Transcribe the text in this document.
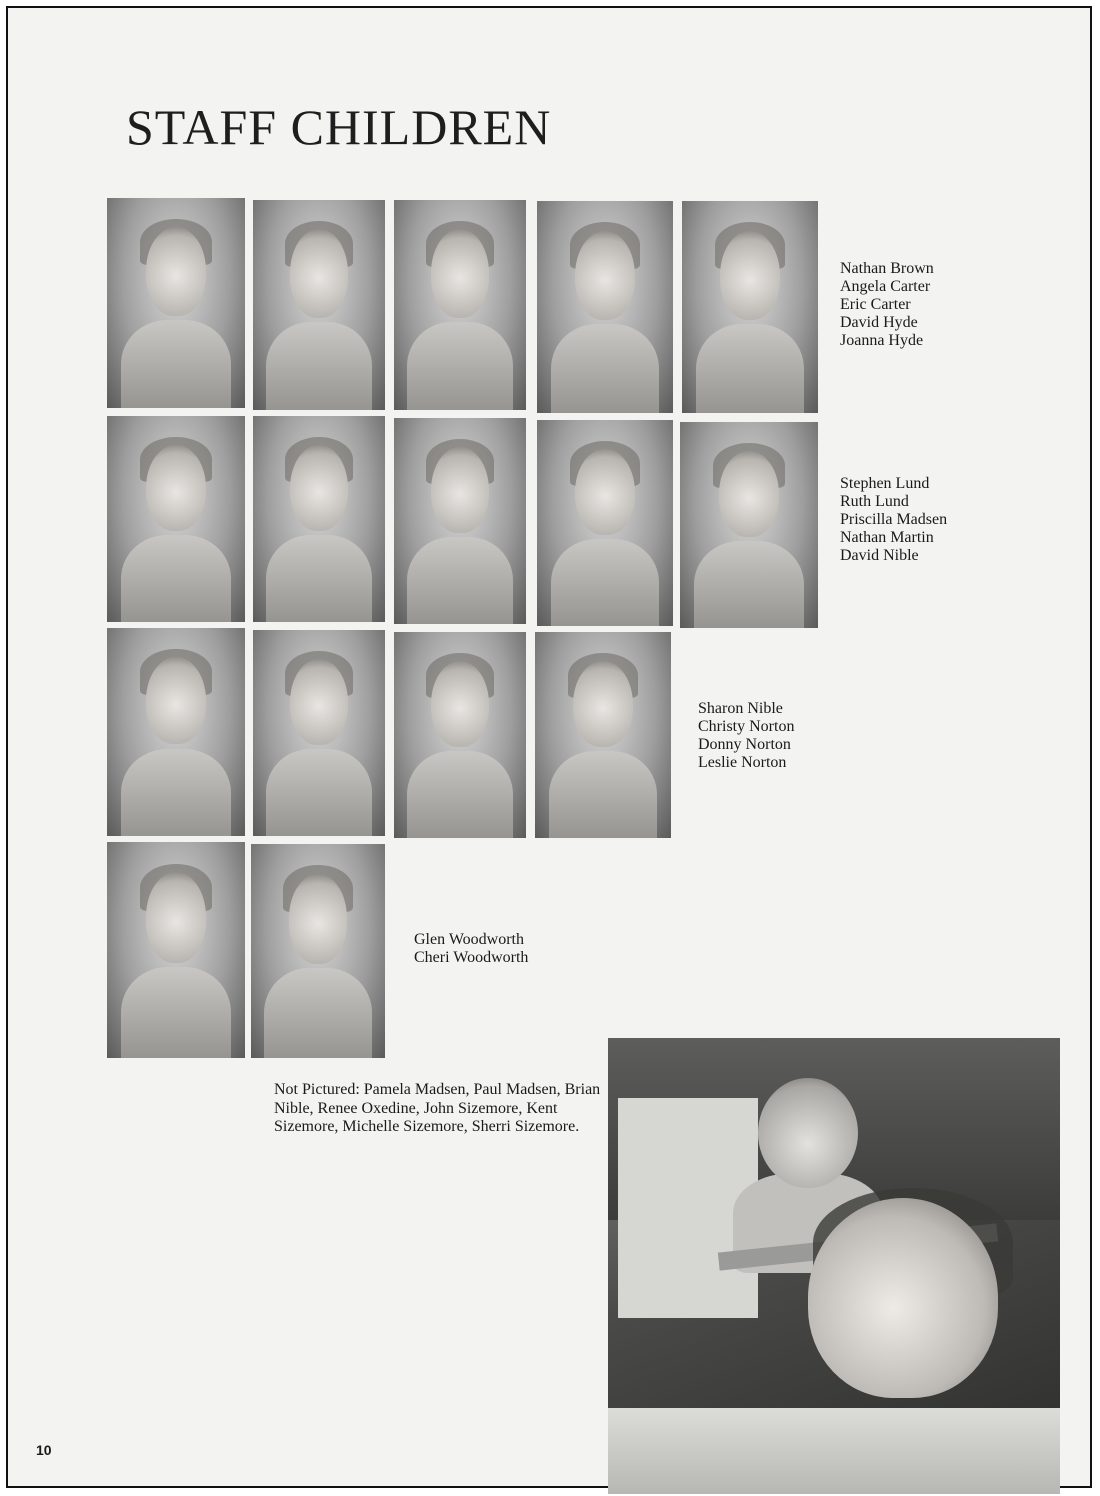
STAFF CHILDREN
Nathan Brown
Angela Carter
Eric Carter
David Hyde
Joanna Hyde
Stephen Lund
Ruth Lund
Priscilla Madsen
Nathan Martin
David Nible
Sharon Nible
Christy Norton
Donny Norton
Leslie Norton
Glen Woodworth
Cheri Woodworth

Not Pictured: Pamela Madsen, Paul Madsen, Brian Nible, Renee Oxedine, John Sizemore, Kent Sizemore, Michelle Sizemore, Sherri Sizemore.

10
